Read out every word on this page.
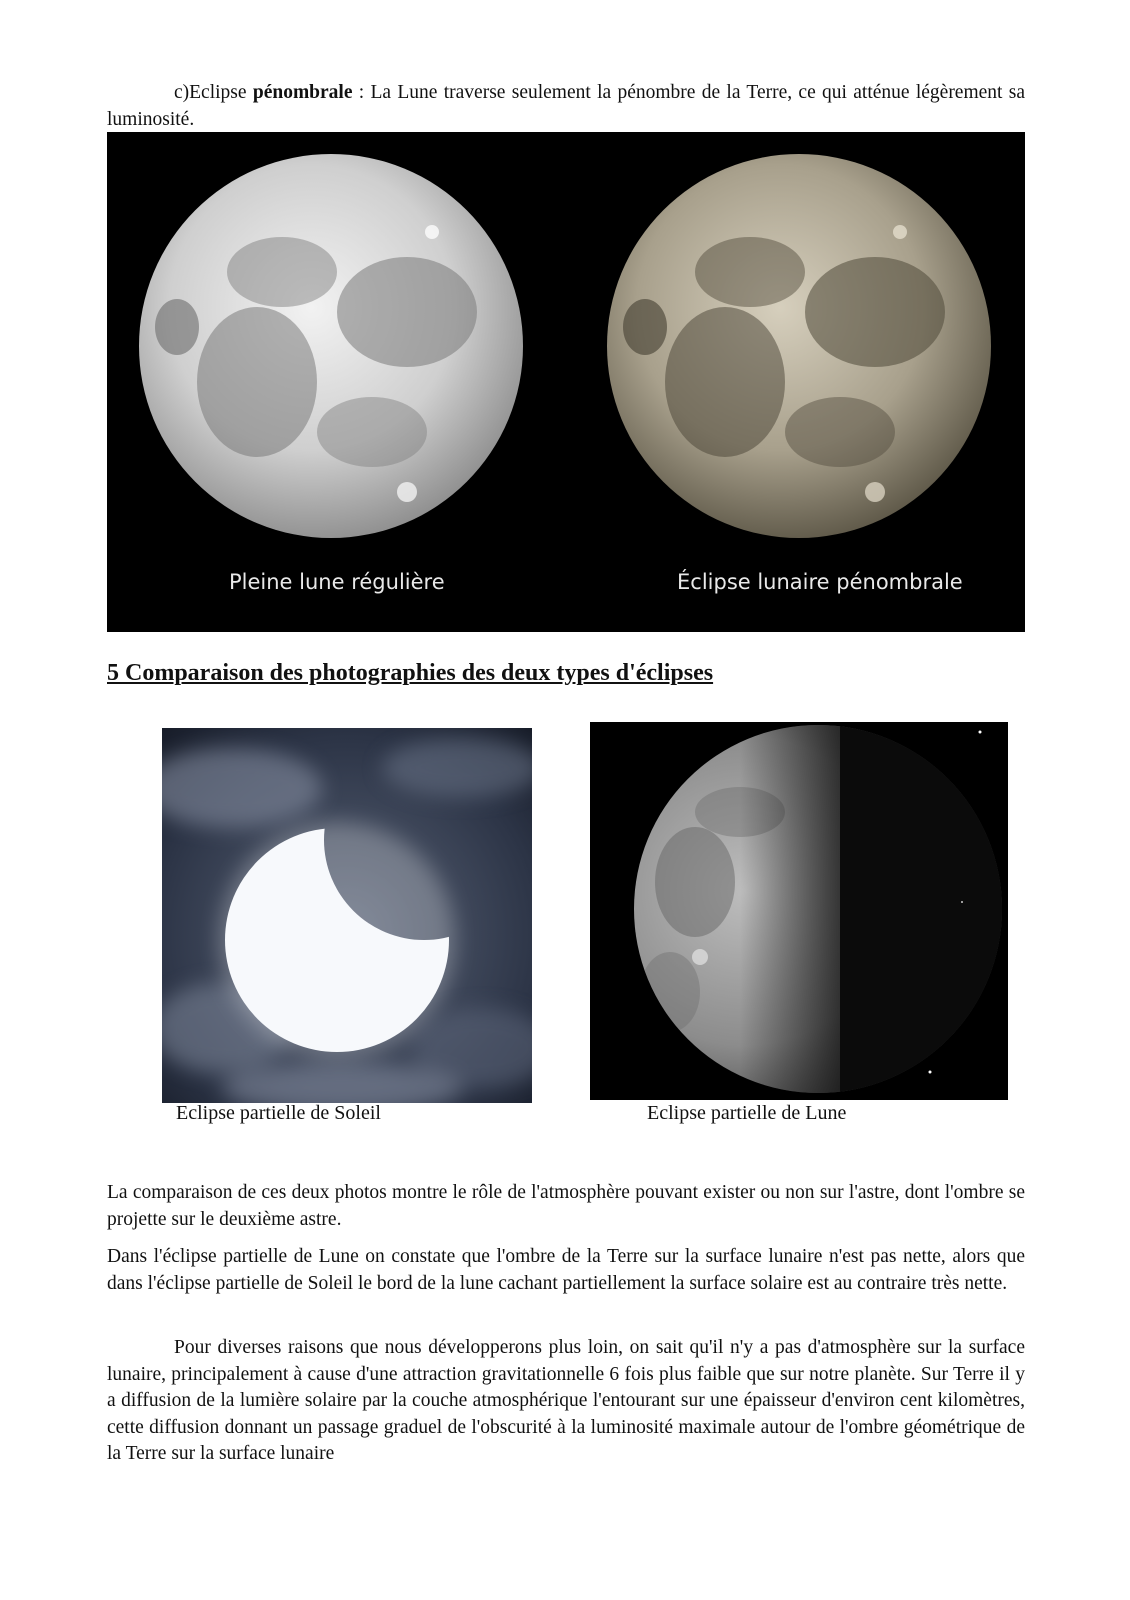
c)Eclipse pénombrale : La Lune traverse seulement la pénombre de la Terre, ce qui atténue légèrement sa luminosité.

Pleine lune régulière	Éclipse lunaire pénombrale
5 Comparaison des photographies des deux types d'éclipses

Eclipse partielle de Soleil	Eclipse partielle de Lune

La comparaison de ces deux photos montre le rôle de l'atmosphère pouvant exister ou non sur l'astre, dont l'ombre se projette sur le deuxième astre.

Dans l'éclipse partielle de Lune on constate que l'ombre de la Terre sur la surface lunaire n'est pas nette, alors que dans l'éclipse partielle de Soleil le bord de la lune cachant partiellement la surface solaire est au contraire très nette.

Pour diverses raisons que nous développerons plus loin, on sait qu'il n'y a pas d'atmosphère sur la surface lunaire, principalement à cause d'une attraction gravitationnelle 6 fois plus faible que sur notre planète. Sur Terre il y a diffusion de la lumière solaire par la couche atmosphérique l'entourant sur une épaisseur d'environ cent kilomètres, cette diffusion donnant un passage graduel de l'obscurité à la luminosité maximale autour de l'ombre géométrique de la Terre sur la surface lunaire
